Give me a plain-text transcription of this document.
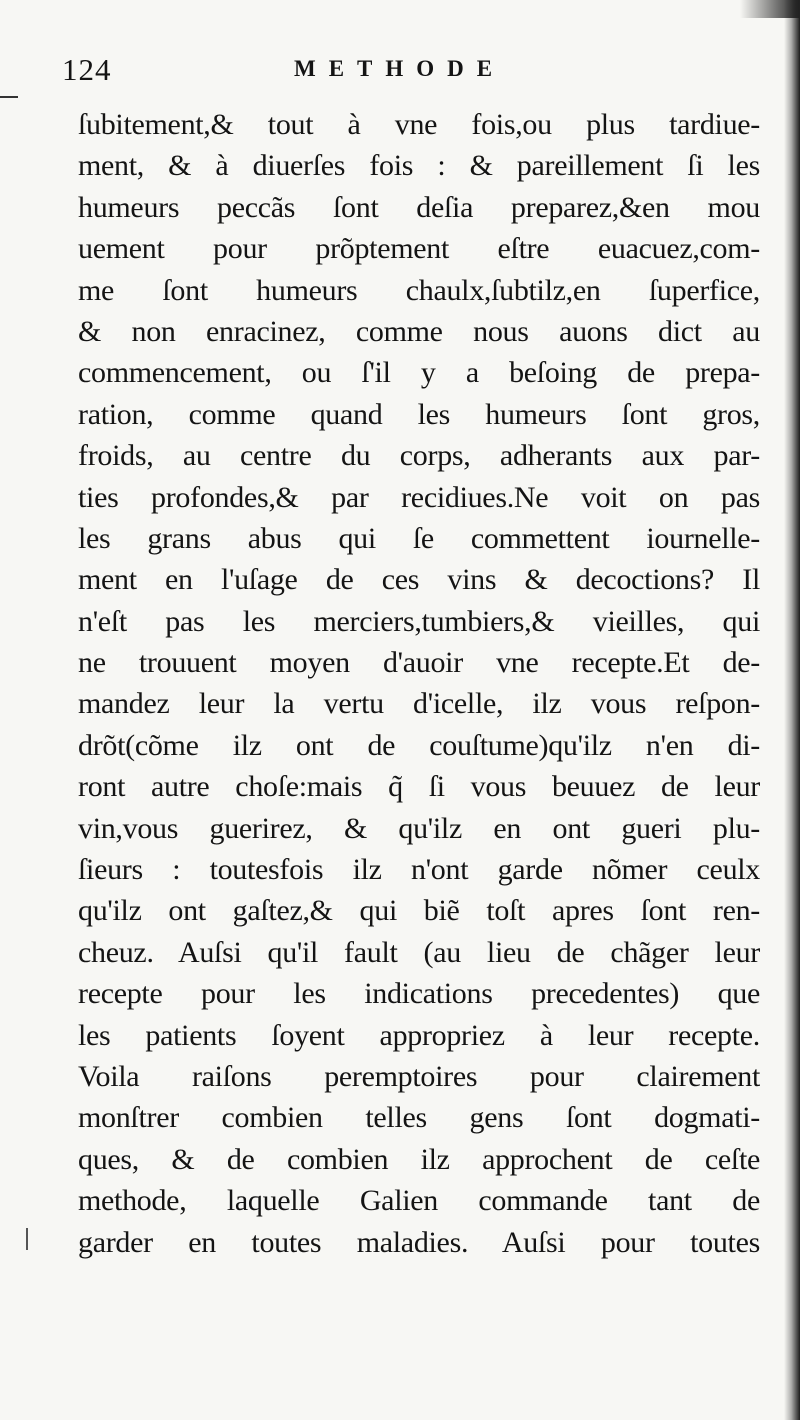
124	METHODE
ſubitement,& tout à vne fois,ou plus tardiue-
ment, & à diuerſes fois : & pareillement ſi les
humeurs peccãs ſont deſia preparez,&en mou
uement pour prõptement eſtre euacuez,com-
me ſont humeurs chaulx,ſubtilz,en ſuperfice,
& non enracinez, comme nous auons dict au
commencement, ou ſ'il y a beſoing de prepa-
ration, comme quand les humeurs ſont gros,
froids, au centre du corps, adherants aux par-
ties profondes,& par recidiues.Ne voit on pas
les grans abus qui ſe commettent iournelle-
ment en l'uſage de ces vins & decoctions? Il
n'eſt pas les merciers,tumbiers,& vieilles, qui
ne trouuent moyen d'auoir vne recepte.Et de-
mandez leur la vertu d'icelle, ilz vous reſpon-
drõt(cõme ilz ont de couſtume)qu'ilz n'en di-
ront autre choſe:mais q̃ ſi vous beuuez de leur
vin,vous guerirez, & qu'ilz en ont gueri plu-
ſieurs : toutesfois ilz n'ont garde nõmer ceulx
qu'ilz ont gaſtez,& qui biẽ toſt apres ſont ren-
cheuz. Auſsi qu'il fault (au lieu de chãger leur
recepte pour les indications precedentes) que
les patients ſoyent appropriez à leur recepte.
Voila raiſons peremptoires pour clairement
monſtrer combien telles gens ſont dogmati-
ques, & de combien ilz approchent de ceſte
methode, laquelle Galien commande tant de
garder en toutes maladies. Auſsi pour toutes
